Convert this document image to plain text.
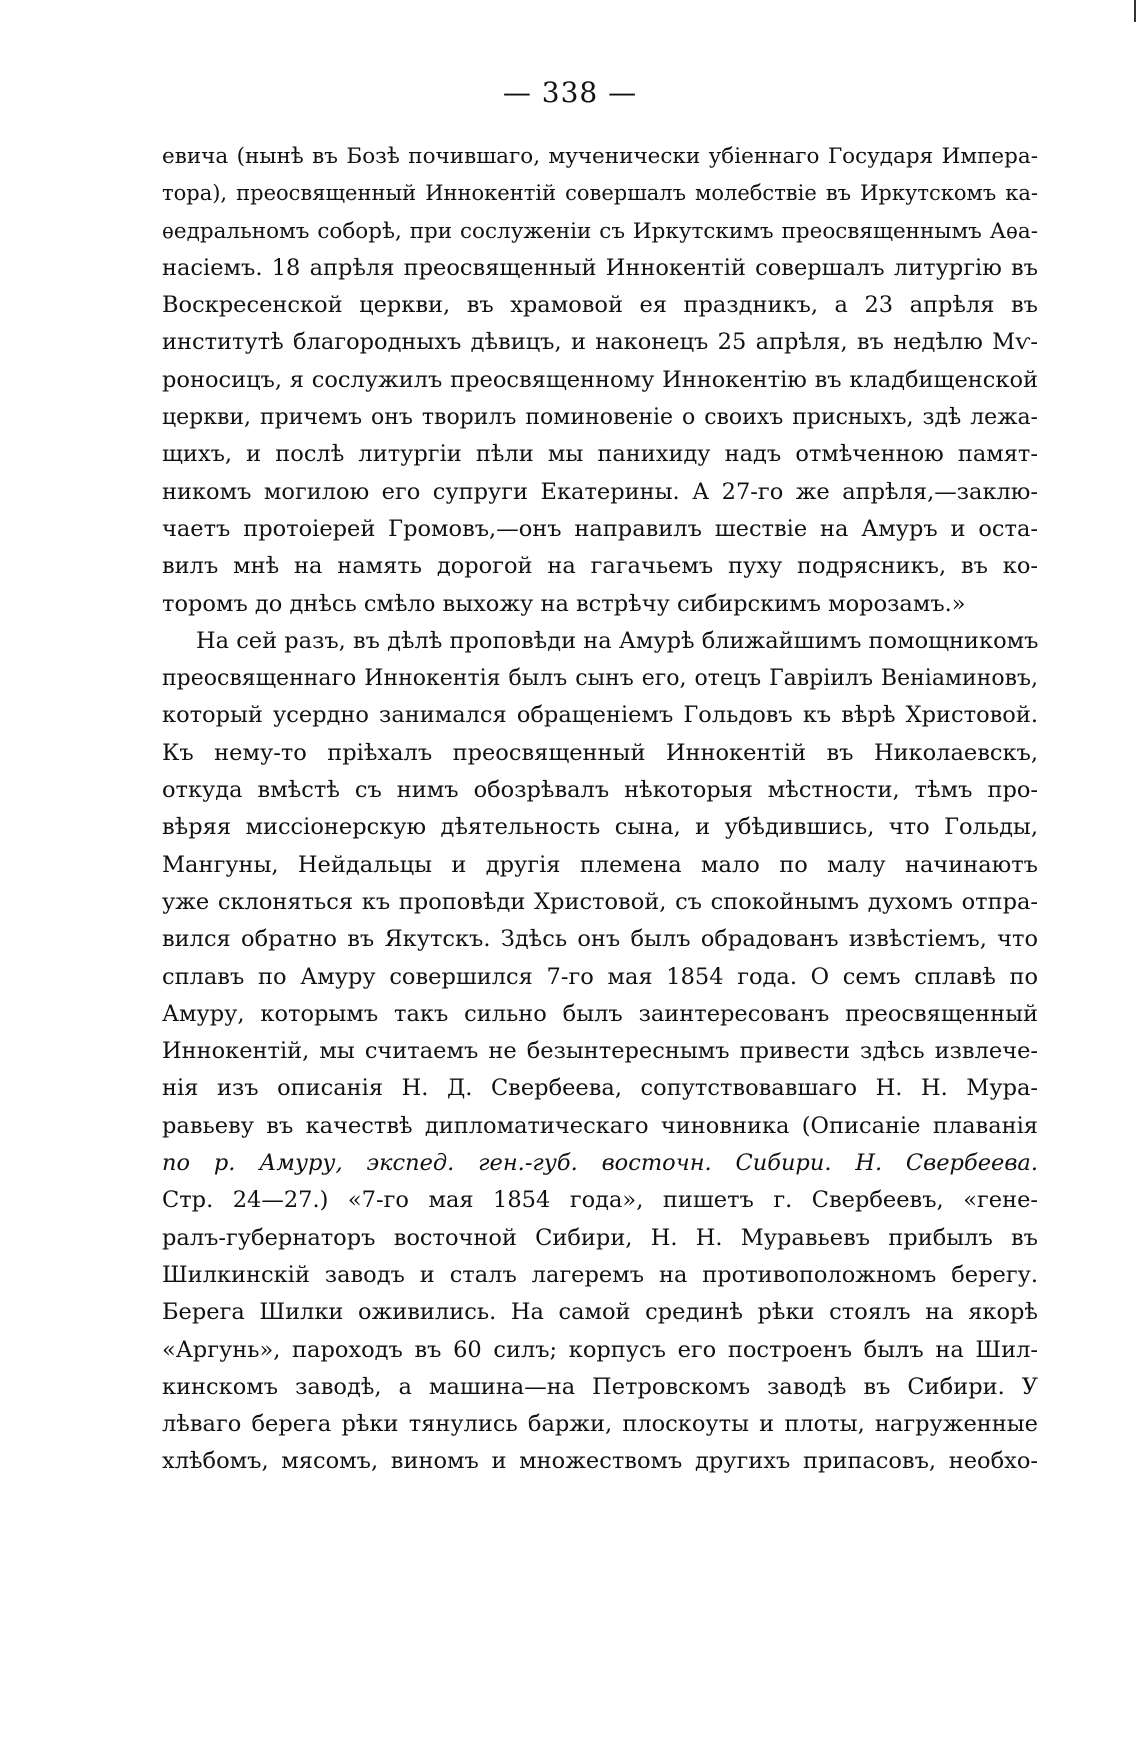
— 338 —
евича (нынѣ въ Бозѣ почившаго, мученически убіеннаго Государя Импера-
тора), преосвященный Иннокентій совершалъ молебствіе въ Иркутскомъ ка-
ѳедральномъ соборѣ, при сослуженіи съ Иркутскимъ преосвященнымъ Аѳа-
насіемъ. 18 апрѣля преосвященный Иннокентій совершалъ литургію въ
Воскресенской церкви, въ храмовой ея праздникъ, а 23 апрѣля въ
институтѣ благородныхъ дѣвицъ, и наконецъ 25 апрѣля, въ недѣлю Мѵ-
роносицъ, я сослужилъ преосвященному Иннокентію въ кладбищенской
церкви, причемъ онъ творилъ поминовеніе о своихъ присныхъ, здѣ лежа-
щихъ, и послѣ литургіи пѣли мы панихиду надъ отмѣченною памят-
никомъ могилою его супруги Екатерины. А 27-го же апрѣля,—заклю-
чаетъ протоіерей Громовъ,—онъ направилъ шествіе на Амуръ и оста-
вилъ мнѣ на намять дорогой на гагачьемъ пуху подрясникъ, въ ко-
торомъ до днѣсь смѣло выхожу на встрѣчу сибирскимъ морозамъ.»
На сей разъ, въ дѣлѣ проповѣди на Амурѣ ближайшимъ помощникомъ
преосвященнаго Иннокентія былъ сынъ его, отецъ Гавріилъ Веніаминовъ,
который усердно занимался обращеніемъ Гольдовъ къ вѣрѣ Христовой.
Къ нему-то пріѣхалъ преосвященный Иннокентій въ Николаевскъ,
откуда вмѣстѣ съ нимъ обозрѣвалъ нѣкоторыя мѣстности, тѣмъ про-
вѣряя миссіонерскую дѣятельность сына, и убѣдившись, что Гольды,
Мангуны, Нейдальцы и другія племена мало по малу начинаютъ
уже склоняться къ проповѣди Христовой, съ спокойнымъ духомъ отпра-
вился обратно въ Якутскъ. Здѣсь онъ былъ обрадованъ извѣстіемъ, что
сплавъ по Амуру совершился 7-го мая 1854 года. О семъ сплавѣ по
Амуру, которымъ такъ сильно былъ заинтересованъ преосвященный
Иннокентій, мы считаемъ не безынтереснымъ привести здѣсь извлече-
нія изъ описанія Н. Д. Свербеева, сопутствовавшаго Н. Н. Мура-
равьеву въ качествѣ дипломатическаго чиновника (Описаніе плаванія
по р. Амуру, экспед. ген.-губ. восточн. Сибири. Н. Свербеева.
Стр. 24—27.) «7-го мая 1854 года», пишетъ г. Свербеевъ, «гене-
ралъ-губернаторъ восточной Сибири, Н. Н. Муравьевъ прибылъ въ
Шилкинскій заводъ и сталъ лагеремъ на противоположномъ берегу.
Берега Шилки оживились. На самой срединѣ рѣки стоялъ на якорѣ
«Аргунь», пароходъ въ 60 силъ; корпусъ его построенъ былъ на Шил-
кинскомъ заводѣ, а машина—на Петровскомъ заводѣ въ Сибири. У
лѣваго берега рѣки тянулись баржи, плоскоуты и плоты, нагруженные
хлѣбомъ, мясомъ, виномъ и множествомъ другихъ припасовъ, необхо-
